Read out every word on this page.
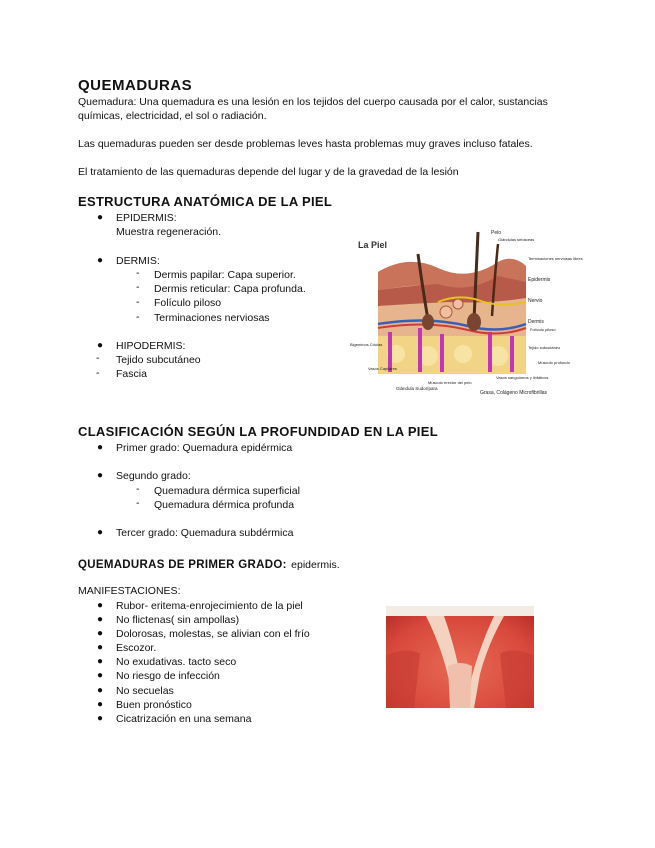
QUEMADURAS
Quemadura: Una quemadura es una lesión en los tejidos del cuerpo causada por el calor, sustancias químicas, electricidad, el sol o radiación.
Las quemaduras pueden ser desde problemas leves hasta problemas muy graves incluso fatales.
El tratamiento de las quemaduras depende del lugar y de la gravedad de la lesión
ESTRUCTURA ANATÓMICA DE LA PIEL
● EPIDERMIS:
Muestra regeneración.
● DERMIS:
- Dermis papilar: Capa superior.
- Dermis reticular: Capa profunda.
- Folículo piloso
- Terminaciones nerviosas
● HIPODERMIS:
- Tejido subcutáneo
- Fascia
La Piel
Pelo
Glándulas sebáceas
Terminaciones nerviosas libres
Epidermis
Nervio
Dermis
Folículo piloso
Tejido subcutáneo
Músculo profundo
Vasos sanguíneos y linfáticos
Grasa, Colágeno Microfibrillas
Músculo erector del pelo
Glándula Sudorípara
Vasos Capilares
Bigeminos Cdulas
CLASIFICACIÓN SEGÚN LA PROFUNDIDAD EN LA PIEL
● Primer grado: Quemadura epidérmica
● Segundo grado:
- Quemadura dérmica superficial
- Quemadura dérmica profunda
● Tercer grado: Quemadura subdérmica
QUEMADURAS DE PRIMER GRADO: epidermis.
MANIFESTACIONES:
● Rubor- eritema-enrojecimiento de la piel
● No flictenas( sin ampollas)
● Dolorosas, molestas, se alivian con el frío
● Escozor.
● No exudativas. tacto seco
● No riesgo de infección
● No secuelas
● Buen pronóstico
● Cicatrización en una semana
